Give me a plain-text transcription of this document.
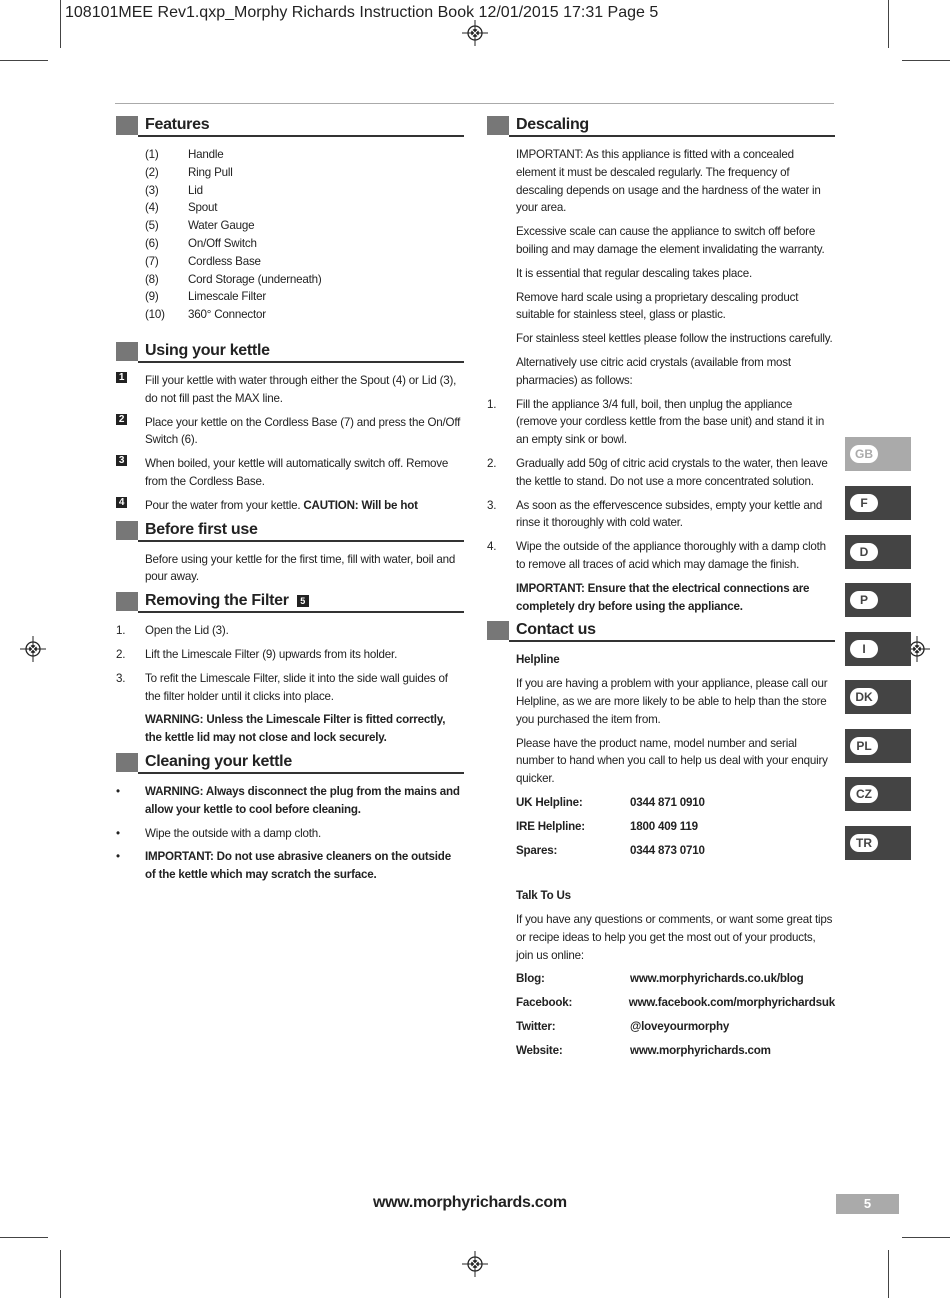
108101MEE Rev1.qxp_Morphy Richards Instruction Book 12/01/2015 17:31 Page 5
Features
(1)	Handle
(2)	Ring Pull
(3)	Lid
(4)	Spout
(5)	Water Gauge
(6)	On/Off Switch
(7)	Cordless Base
(8)	Cord Storage (underneath)
(9)	Limescale Filter
(10)	360° Connector
Using your kettle
1 Fill your kettle with water through either the Spout (4) or Lid (3), do not fill past the MAX line.
2 Place your kettle on the Cordless Base (7) and press the On/Off Switch (6).
3 When boiled, your kettle will automatically switch off. Remove from the Cordless Base.
4 Pour the water from your kettle. CAUTION: Will be hot
Before first use

Before using your kettle for the first time, fill with water, boil and pour away.

Removing the Filter 5
1. Open the Lid (3).
2. Lift the Limescale Filter (9) upwards from its holder.
3. To refit the Limescale Filter, slide it into the side wall guides of the filter holder until it clicks into place.

WARNING: Unless the Limescale Filter is fitted correctly, the kettle lid may not close and lock securely.

Cleaning your kettle
• WARNING: Always disconnect the plug from the mains and allow your kettle to cool before cleaning.
• Wipe the outside with a damp cloth.
• IMPORTANT: Do not use abrasive cleaners on the outside of the kettle which may scratch the surface.
Descaling

IMPORTANT: As this appliance is fitted with a concealed element it must be descaled regularly. The frequency of descaling depends on usage and the hardness of the water in your area.

Excessive scale can cause the appliance to switch off before boiling and may damage the element invalidating the warranty.

It is essential that regular descaling takes place.

Remove hard scale using a proprietary descaling product suitable for stainless steel, glass or plastic.

For stainless steel kettles please follow the instructions carefully.

Alternatively use citric acid crystals (available from most pharmacies) as follows:

1. Fill the appliance 3/4 full, boil, then unplug the appliance (remove your cordless kettle from the base unit) and stand it in an empty sink or bowl.
2. Gradually add 50g of citric acid crystals to the water, then leave the kettle to stand. Do not use a more concentrated solution.
3. As soon as the effervescence subsides, empty your kettle and rinse it thoroughly with cold water.
4. Wipe the outside of the appliance thoroughly with a damp cloth to remove all traces of acid which may damage the finish.

IMPORTANT: Ensure that the electrical connections are completely dry before using the appliance.

Contact us

Helpline

If you are having a problem with your appliance, please call our Helpline, as we are more likely to be able to help than the store you purchased the item from.

Please have the product name, model number and serial number to hand when you call to help us deal with your enquiry quicker.

UK Helpline:	0344 871 0910
IRE Helpline:	1800 409 119
Spares:	0344 873 0710

Talk To Us

If you have any questions or comments, or want some great tips or recipe ideas to help you get the most out of your products, join us online:

Blog:	www.morphyrichards.co.uk/blog
Facebook:	www.facebook.com/morphyrichardsuk
Twitter:	@loveyourmorphy
Website:	www.morphyrichards.com
GB
F
D
P
I
DK
PL
CZ
TR
www.morphyrichards.com	5
